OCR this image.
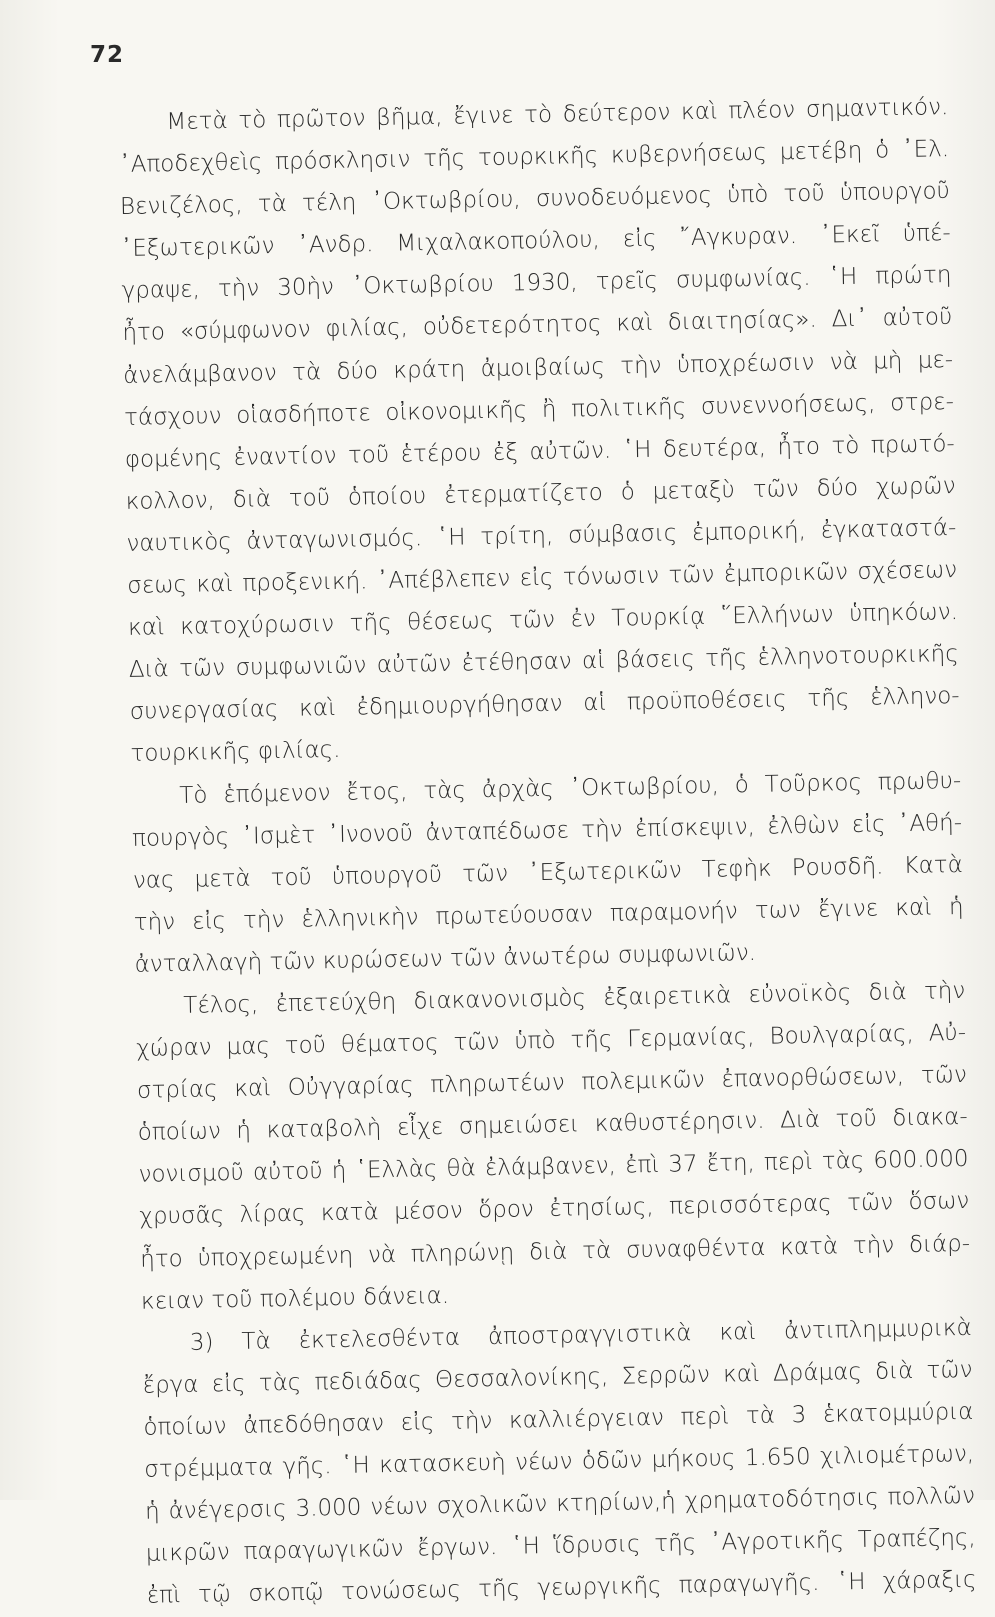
72
Μετὰ τὸ πρῶτον βῆμα, ἔγινε τὸ δεύτερον καὶ πλέον σημαντικόν.
᾿Αποδεχθεὶς πρόσκλησιν τῆς τουρκικῆς κυβερνήσεως μετέβη ὁ ᾿Ελ.
Βενιζέλος, τὰ τέλη ᾿Οκτωβρίου, συνοδευόμενος ὑπὸ τοῦ ὑπουργοῦ
᾿Εξωτερικῶν ᾿Ανδρ. Μιχαλακοπούλου, εἰς ῎Αγκυραν. ᾿Εκεῖ ὑπέ-
γραψε, τὴν 30ὴν ᾿Οκτωβρίου 1930, τρεῖς συμφωνίας. ῾Η πρώτη
ἦτο «σύμφωνον φιλίας, οὐδετερότητος καὶ διαιτησίας». Δι᾿ αὐτοῦ
ἀνελάμβανον τὰ δύο κράτη ἀμοιβαίως τὴν ὑποχρέωσιν νὰ μὴ με-
τάσχουν οἱασδήποτε οἰκονομικῆς ἢ πολιτικῆς συνεννοήσεως, στρε-
φομένης ἐναντίον τοῦ ἑτέρου ἐξ αὐτῶν. ῾Η δευτέρα, ἦτο τὸ πρωτό-
κολλον, διὰ τοῦ ὁποίου ἐτερματίζετο ὁ μεταξὺ τῶν δύο χωρῶν
ναυτικὸς ἀνταγωνισμός. ῾Η τρίτη, σύμβασις ἐμπορική, ἐγκαταστά-
σεως καὶ προξενική. ᾿Απέβλεπεν εἰς τόνωσιν τῶν ἐμπορικῶν σχέσεων
καὶ κατοχύρωσιν τῆς θέσεως τῶν ἐν Τουρκίᾳ ῞Ελλήνων ὑπηκόων.
Διὰ τῶν συμφωνιῶν αὐτῶν ἐτέθησαν αἱ βάσεις τῆς ἑλληνοτουρκικῆς
συνεργασίας καὶ ἐδημιουργήθησαν αἱ προϋποθέσεις τῆς ἑλληνο-
τουρκικῆς φιλίας.
Τὸ ἑπόμενον ἔτος, τὰς ἀρχὰς ᾿Οκτωβρίου, ὁ Τοῦρκος πρωθυ-
πουργὸς ᾿Ισμὲτ ᾿Ινονοῦ ἀνταπέδωσε τὴν ἐπίσκεψιν, ἐλθὼν εἰς ᾿Αθή-
νας μετὰ τοῦ ὑπουργοῦ τῶν ᾿Εξωτερικῶν Τεφὴκ Ρουσδῆ. Κατὰ
τὴν εἰς τὴν ἑλληνικὴν πρωτεύουσαν παραμονήν των ἔγινε καὶ ἡ
ἀνταλλαγὴ τῶν κυρώσεων τῶν ἀνωτέρω συμφωνιῶν.
Τέλος, ἐπετεύχθη διακανονισμὸς ἐξαιρετικὰ εὐνοϊκὸς διὰ τὴν
χώραν μας τοῦ θέματος τῶν ὑπὸ τῆς Γερμανίας, Βουλγαρίας, Αὐ-
στρίας καὶ Οὐγγαρίας πληρωτέων πολεμικῶν ἐπανορθώσεων, τῶν
ὁποίων ἡ καταβολὴ εἶχε σημειώσει καθυστέρησιν. Διὰ τοῦ διακα-
νονισμοῦ αὐτοῦ ἡ ῾Ελλὰς θὰ ἐλάμβανεν, ἐπὶ 37 ἔτη, περὶ τὰς 600.000
χρυσᾶς λίρας κατὰ μέσον ὅρον ἐτησίως, περισσότερας τῶν ὅσων
ἦτο ὑποχρεωμένη νὰ πληρώνῃ διὰ τὰ συναφθέντα κατὰ τὴν διάρ-
κειαν τοῦ πολέμου δάνεια.
3) Τὰ ἐκτελεσθέντα ἀποστραγγιστικὰ καὶ ἀντιπλημμυρικὰ
ἔργα εἰς τὰς πεδιάδας Θεσσαλονίκης, Σερρῶν καὶ Δράμας διὰ τῶν
ὁποίων ἀπεδόθησαν εἰς τὴν καλλιέργειαν περὶ τὰ 3 ἑκατομμύρια
στρέμματα γῆς. ῾Η κατασκευὴ νέων ὁδῶν μήκους 1.650 χιλιομέτρων,
ἡ ἀνέγερσις 3.000 νέων σχολικῶν κτηρίων,ἡ χρηματοδότησις πολλῶν
μικρῶν παραγωγικῶν ἔργων. ῾Η ἵδρυσις τῆς ᾿Αγροτικῆς Τραπέζης,
ἐπὶ τῷ σκοπῷ τονώσεως τῆς γεωργικῆς παραγωγῆς. ῾Η χάραξις
